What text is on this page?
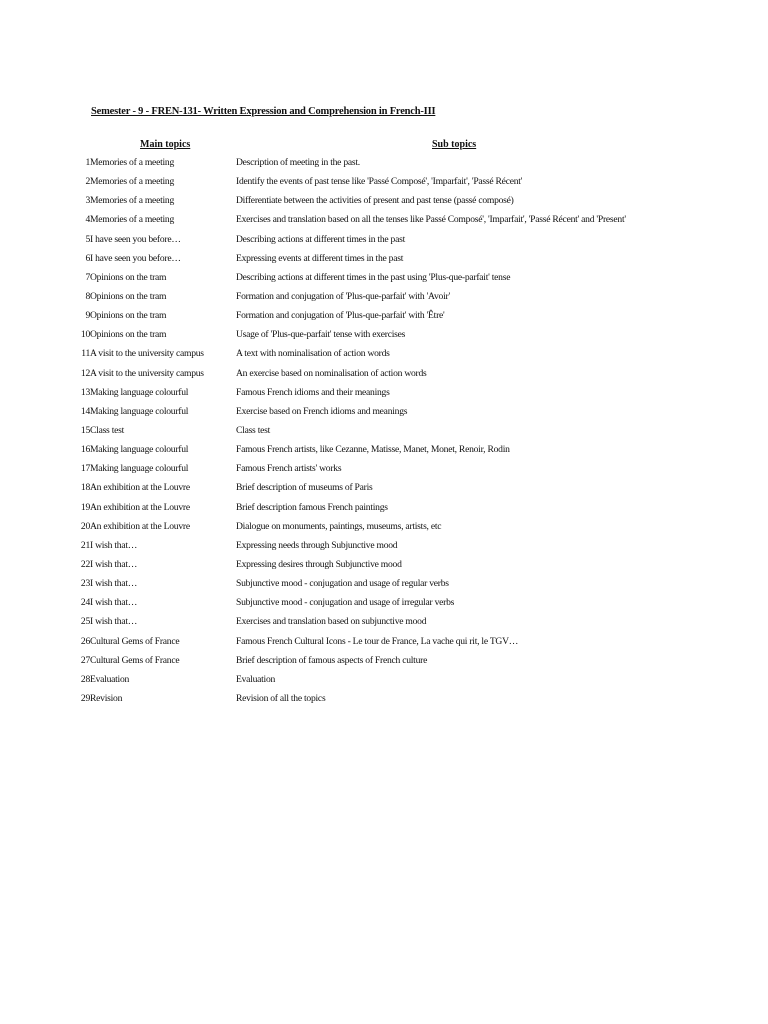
Semester - 9 - FREN-131- Written Expression and Comprehension in French-III
Main topics	Sub topics
1 Memories of a meeting	Description of meeting in the past.
2 Memories of a meeting	Identify the events of past tense like 'Passé Composé', 'Imparfait', 'Passé Récent'
3 Memories of a meeting	Differentiate between the activities of present and past tense (passé composé)
4 Memories of a meeting	Exercises and translation based on all the tenses like Passé Composé', 'Imparfait', 'Passé Récent' and 'Present'
5 I have seen you before…	Describing actions at different times in the past
6 I have seen you before…	Expressing events at different times in the past
7 Opinions on the tram	Describing actions at different times in the past using 'Plus-que-parfait' tense
8 Opinions on the tram	Formation and conjugation of 'Plus-que-parfait' with 'Avoir'
9 Opinions on the tram	Formation and conjugation of 'Plus-que-parfait' with 'Être'
10 Opinions on the tram	Usage of 'Plus-que-parfait' tense with exercises
11 A visit to the university campus	A text with nominalisation of action words
12 A visit to the university campus	An exercise based on nominalisation of action words
13 Making language colourful	Famous French idioms and their meanings
14 Making language colourful	Exercise based on French idioms and meanings
15 Class test	Class test
16 Making language colourful	Famous French artists, like Cezanne, Matisse, Manet, Monet, Renoir, Rodin
17 Making language colourful	Famous French artists' works
18 An exhibition at the Louvre	Brief description of museums of Paris
19 An exhibition at the Louvre	Brief description famous French paintings
20 An exhibition at the Louvre	Dialogue on monuments, paintings, museums, artists, etc
21 I wish that…	Expressing needs through Subjunctive mood
22 I wish that…	Expressing desires through Subjunctive mood
23 I wish that…	Subjunctive mood - conjugation and usage of regular verbs
24 I wish that…	Subjunctive mood - conjugation and usage of irregular verbs
25 I wish that…	Exercises and translation based on subjunctive mood
26 Cultural Gems of France	Famous French Cultural Icons - Le tour de France, La vache qui rit, le TGV…
27 Cultural Gems of France	Brief description of famous aspects of French culture
28 Evaluation	Evaluation
29 Revision	Revision of all the topics
